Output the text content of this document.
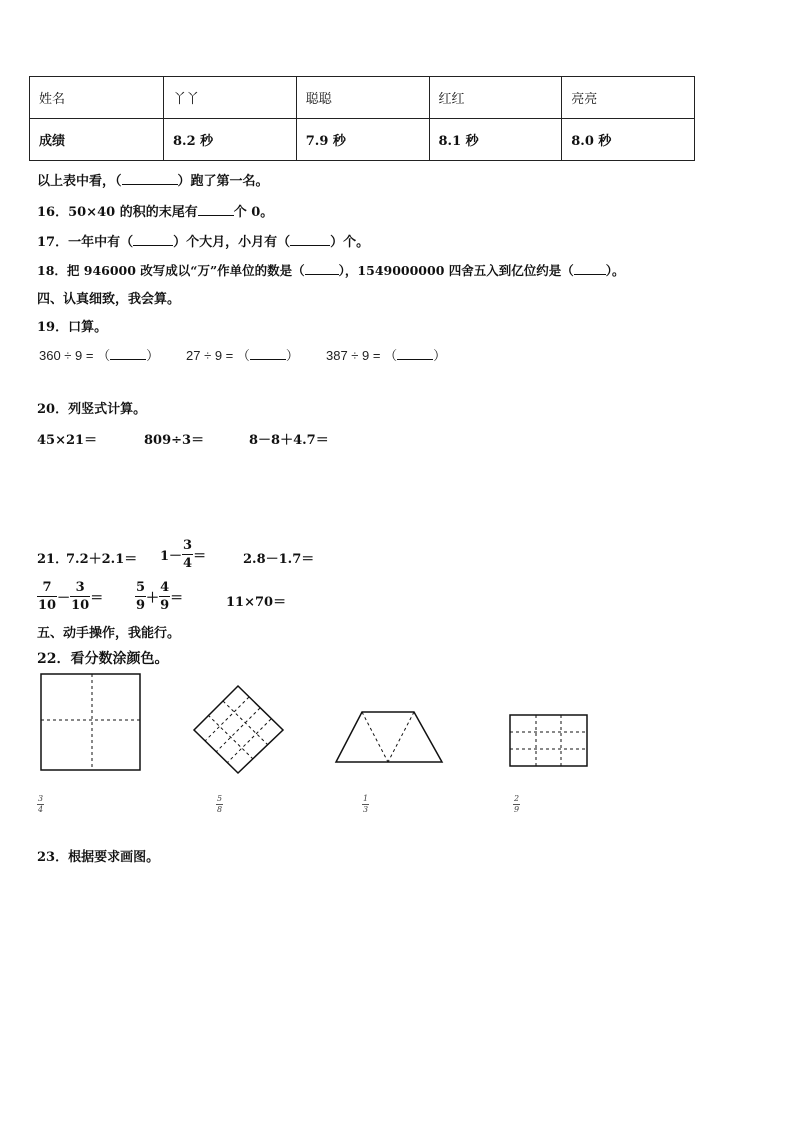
姓名	丫丫	聪聪	红红	亮亮
成绩	8.2 秒	7.9 秒	8.1 秒	8.0 秒
以上表中看，（	）跑了第一名。
16．50×40 的积的末尾有	个 0。
17．一年中有（	）个大月，小月有（	）个。
18．把 946000 改写成以“万”作单位的数是（	），1549000000 四舍五入到亿位约是（	）。
四、认真细致，我会算。
19．口算。
360 ÷ 9 = （	） 27 ÷ 9 = （	） 387 ÷ 9 = （	）
20．列竖式计算。
45×21＝	809÷3＝	8－8＋4.7＝
21．
$7.2+2.1= 1- \frac{3}{4}$ ＝	2.8－1.7＝
$\frac{7}{10} - \frac{3}{10} = \frac{5}{9} + \frac{4}{9}$ ＝	11×70＝
五、动手操作，我能行。
22．看分数涂颜色。
$\frac{3}{4}$	$\frac{5}{8}$	$\frac{1}{3}$	$\frac{2}{9}$
23．根据要求画图。
